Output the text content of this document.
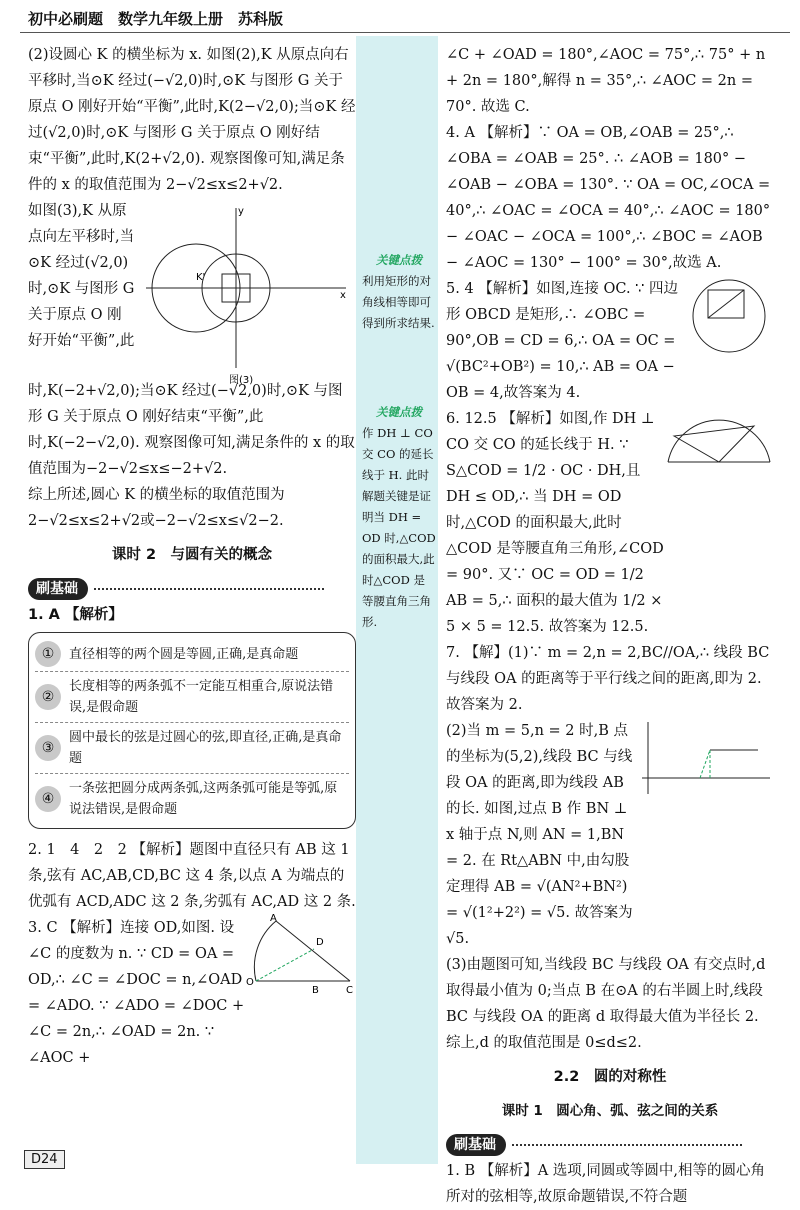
初中必刷题　数学九年级上册　苏科版
关键点拨
利用矩形的对角线相等即可得到所求结果.
关键点拨
作 DH ⊥ CO 交 CO 的延长线于 H. 此时解题关键是证明当 DH = OD 时,△COD 的面积最大,此时△COD 是等腰直角三角形.

(2)设圆心 K 的横坐标为 x. 如图(2),K 从原点向右平移时,当⊙K 经过(−√2,0)时,⊙K 与图形 G 关于原点 O 刚好开始“平衡”,此时,K(2−√2,0);当⊙K 经过(√2,0)时,⊙K 与图形 G 关于原点 O 刚好结束“平衡”,此时,K(2+√2,0). 观察图像可知,满足条件的 x 的取值范围为 2−√2≤x≤2+√2.

如图(3),K 从原点向左平移时,当⊙K 经过(√2,0)时,⊙K 与图形 G 关于原点 O 刚好开始“平衡”,此

y
x
K'
图(3)

时,K(−2+√2,0);当⊙K 经过(−√2,0)时,⊙K 与图形 G 关于原点 O 刚好结束“平衡”,此时,K(−2−√2,0). 观察图像可知,满足条件的 x 的取值范围为−2−√2≤x≤−2+√2.

综上所述,圆心 K 的横坐标的取值范围为 2−√2≤x≤2+√2或−2−√2≤x≤√2−2.

课时 2　与圆有关的概念
刷基础

1. A 【解析】

①	直径相等的两个圆是等圆,正确,是真命题
②
长度相等的两条弧不一定能互相重合,原说法错误,是假命题
③
圆中最长的弦是过圆心的弦,即直径,正确,是真命题
④
一条弦把圆分成两条弧,这两条弧可能是等弧,原说法错误,是假命题

2. 1　4　2　2 【解析】题图中直径只有 AB 这 1 条,弦有 AC,AB,CD,BC 这 4 条,以点 A 为端点的优弧有 ACD,ADC 这 2 条,劣弧有 AC,AD 这 2 条.

3. C 【解析】连接 OD,如图. 设∠C 的度数为 n. ∵ CD = OA = OD,∴ ∠C = ∠DOC = n,∠OAD = ∠ADO. ∵ ∠ADO = ∠DOC + ∠C = 2n,∴ ∠OAD = 2n. ∵ ∠AOC +

A
D
O
B	C

∠C + ∠OAD = 180°,∠AOC = 75°,∴ 75° + n + 2n = 180°,解得 n = 35°,∴ ∠AOC = 2n = 70°. 故选 C.

4. A 【解析】∵ OA = OB,∠OAB = 25°,∴ ∠OBA = ∠OAB = 25°. ∴ ∠AOB = 180° − ∠OAB − ∠OBA = 130°. ∵ OA = OC,∠OCA = 40°,∴ ∠OAC = ∠OCA = 40°,∴ ∠AOC = 180° − ∠OAC − ∠OCA = 100°,∴ ∠BOC = ∠AOB − ∠AOC = 130° − 100° = 30°,故选 A.

5. 4 【解析】如图,连接 OC. ∵ 四边形 OBCD 是矩形,∴ ∠OBC = 90°,OB = CD = 6,∴ OA = OC = √(BC²+OB²) = 10,∴ AB = OA − OB = 4,故答案为 4.

6. 12.5 【解析】如图,作 DH ⊥ CO 交 CO 的延长线于 H. ∵ S△COD = 1/2 · OC · DH,且 DH ≤ OD,∴ 当 DH = OD 时,△COD 的面积最大,此时△COD 是等腰直角三角形,∠COD = 90°. 又∵ OC = OD = 1/2 AB = 5,∴ 面积的最大值为 1/2 × 5 × 5 = 12.5. 故答案为 12.5.

7. 【解】(1)∵ m = 2,n = 2,BC//OA,∴ 线段 BC 与线段 OA 的距离等于平行线之间的距离,即为 2. 故答案为 2.

(2)当 m = 5,n = 2 时,B 点的坐标为(5,2),线段 BC 与线段 OA 的距离,即为线段 AB 的长. 如图,过点 B 作 BN ⊥ x 轴于点 N,则 AN = 1,BN = 2. 在 Rt△ABN 中,由勾股定理得 AB = √(AN²+BN²) = √(1²+2²) = √5. 故答案为√5.

(3)由题图可知,当线段 BC 与线段 OA 有交点时,d 取得最小值为 0;当点 B 在⊙A 的右半圆上时,线段 BC 与线段 OA 的距离 d 取得最大值为半径长 2. 综上,d 的取值范围是 0≤d≤2.

2.2　圆的对称性
课时 1　圆心角、弧、弦之间的关系
刷基础

1. B 【解析】A 选项,同圆或等圆中,相等的圆心角所对的弦相等,故原命题错误,不符合题

D24
